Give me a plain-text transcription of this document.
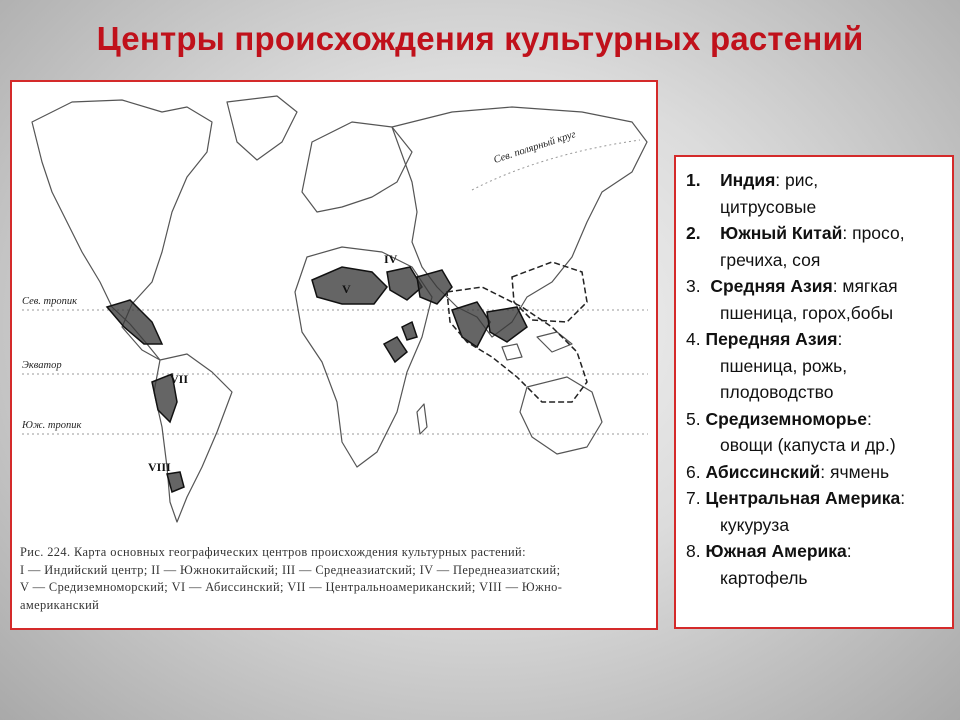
Центры происхождения культурных растений
Сев. полярный круг
Сев. тропик
Экватор
Юж. тропик
IV
V
VII
VIII
Рис. 224. Карта основных географических центров происхождения культурных растений:
I — Индийский центр; II — Южнокитайский; III — Среднеазиатский; IV — Переднеазиатский;
V — Средиземноморский; VI — Абиссинский; VII — Центральноамериканский; VIII — Южно-
американский
1. Индия: рис,
цитрусовые
2. Южный Китай: просо,
гречиха, соя
3. Средняя Азия: мягкая
пшеница, горох,бобы
4. Передняя Азия:
пшеница, рожь,
плодоводство
5. Средиземноморье:
овощи (капуста и др.)
6. Абиссинский: ячмень
7. Центральная Америка:
кукуруза
8. Южная Америка:
картофель
